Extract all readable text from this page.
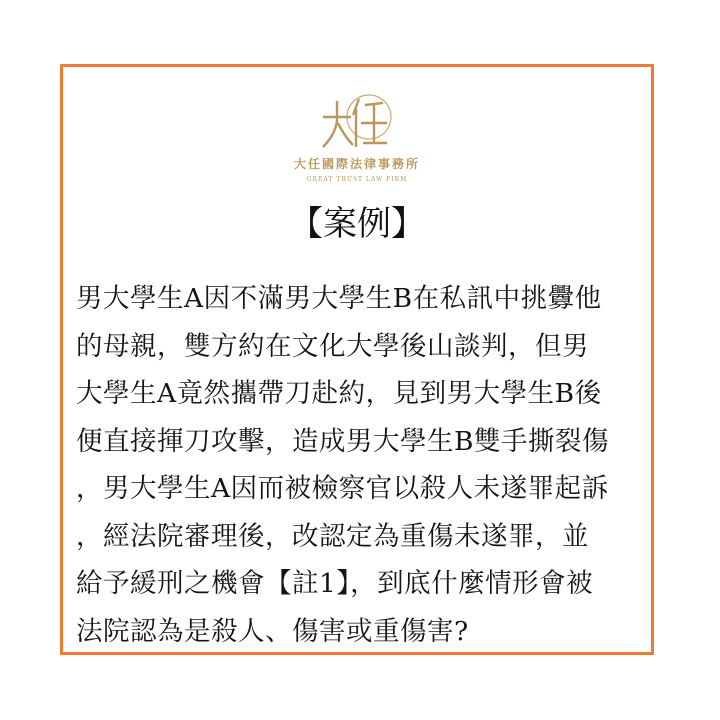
大任國際法律事務所
GREAT TRUST LAW FIRM
【案例】
男大學生A因不滿男大學生B在私訊中挑釁他
的母親，雙方約在文化大學後山談判，但男
大學生A竟然攜帶刀赴約，見到男大學生B後
便直接揮刀攻擊，造成男大學生B雙手撕裂傷
，男大學生A因而被檢察官以殺人未遂罪起訴
，經法院審理後，改認定為重傷未遂罪，並
給予緩刑之機會【註1】，到底什麼情形會被
法院認為是殺人、傷害或重傷害?
